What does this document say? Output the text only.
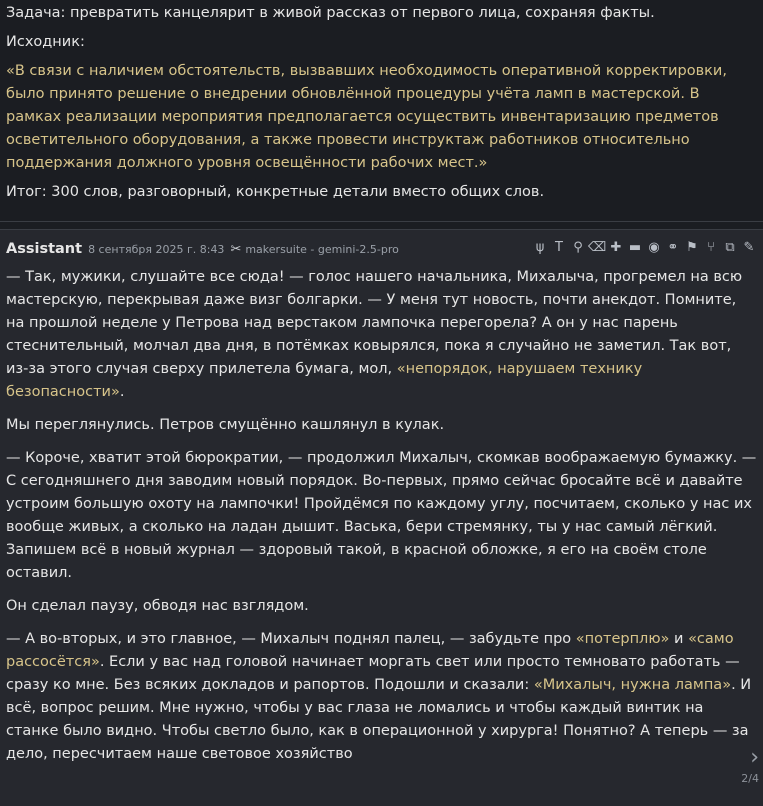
Задача: превратить канцелярит в живой рассказ от первого лица, сохраняя факты.

Исходник:

«В связи с наличием обстоятельств, вызвавших необходимость оперативной корректировки, было принято решение о внедрении обновлённой процедуры учёта ламп в мастерской. В рамках реализации мероприятия предполагается осуществить инвентаризацию предметов осветительного оборудования, а также провести инструктаж работников относительно поддержания должного уровня освещённости рабочих мест.»

Итог: 300 слов, разговорный, конкретные детали вместо общих слов.

Assistant 8 сентября 2025 г. 8:43 ✂ makersuite - gemini-2.5-pro	ψ T ⚲ ⌫ ✚ ▬ ◉ ⚭ ⚑ ⑂ ⧉ ✎

— Так, мужики, слушайте все сюда! — голос нашего начальника, Михалыча, прогремел на всю мастерскую, перекрывая даже визг болгарки. — У меня тут новость, почти анекдот. Помните, на прошлой неделе у Петрова над верстаком лампочка перегорела? А он у нас парень стеснительный, молчал два дня, в потёмках ковырялся, пока я случайно не заметил. Так вот, из-за этого случая сверху прилетела бумага, мол, «непорядок, нарушаем технику безопасности».

Мы переглянулись. Петров смущённо кашлянул в кулак.

— Короче, хватит этой бюрократии, — продолжил Михалыч, скомкав воображаемую бумажку. — С сегодняшнего дня заводим новый порядок. Во-первых, прямо сейчас бросайте всё и давайте устроим большую охоту на лампочки! Пройдёмся по каждому углу, посчитаем, сколько у нас их вообще живых, а сколько на ладан дышит. Васька, бери стремянку, ты у нас самый лёгкий. Запишем всё в новый журнал — здоровый такой, в красной обложке, я его на своём столе оставил.

Он сделал паузу, обводя нас взглядом.

— А во-вторых, и это главное, — Михалыч поднял палец, — забудьте про «потерплю» и «само рассосётся». Если у вас над головой начинает моргать свет или просто темновато работать — сразу ко мне. Без всяких докладов и рапортов. Подошли и сказали: «Михалыч, нужна лампа». И всё, вопрос решим. Мне нужно, чтобы у вас глаза не ломались и чтобы каждый винтик на станке было видно. Чтобы светло было, как в операционной у хирурга! Понятно? А теперь — за дело, пересчитаем наше световое хозяйство	›
2/4
